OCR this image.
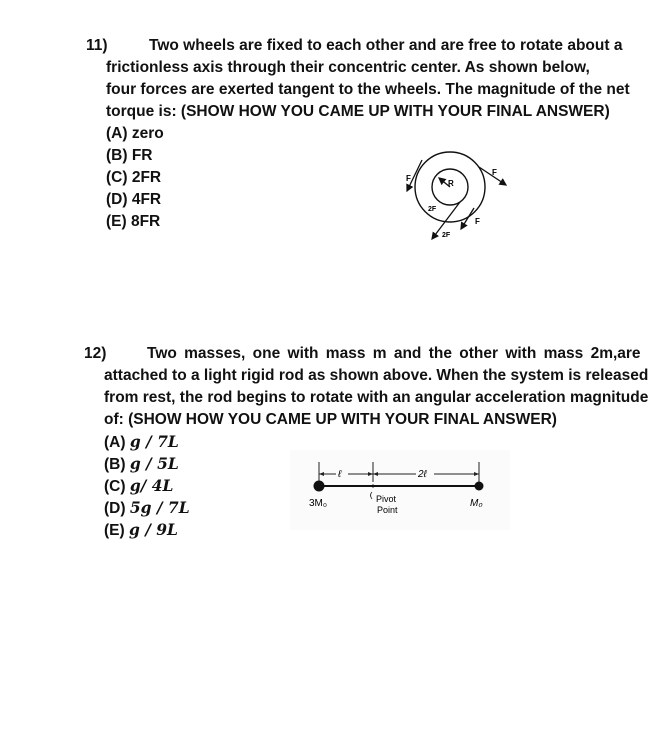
11)	Two wheels are fixed to each other and are free to rotate about a
frictionless axis through their concentric center. As shown below,
four forces are exerted tangent to the wheels. The magnitude of the net
torque is: (SHOW HOW YOU CAME UP WITH YOUR FINAL ANSWER)
(A) zero
(B) FR
(C) 2FR
(D) 4FR
(E) 8FR
F
F
F
2F
2F
R
12)	Two masses, one with mass m and the other with mass 2m,are
attached to a light rigid rod as shown above. When the system is released
from rest, the rod begins to rotate with an angular acceleration magnitude
of: (SHOW HOW YOU CAME UP WITH YOUR FINAL ANSWER)
(A) g / 7L
(B) g / 5L
(C) g/ 4L
(D) 5g / 7L
(E) g / 9L
ℓ	2ℓ
3M₀	M₀
Pivot
Point
